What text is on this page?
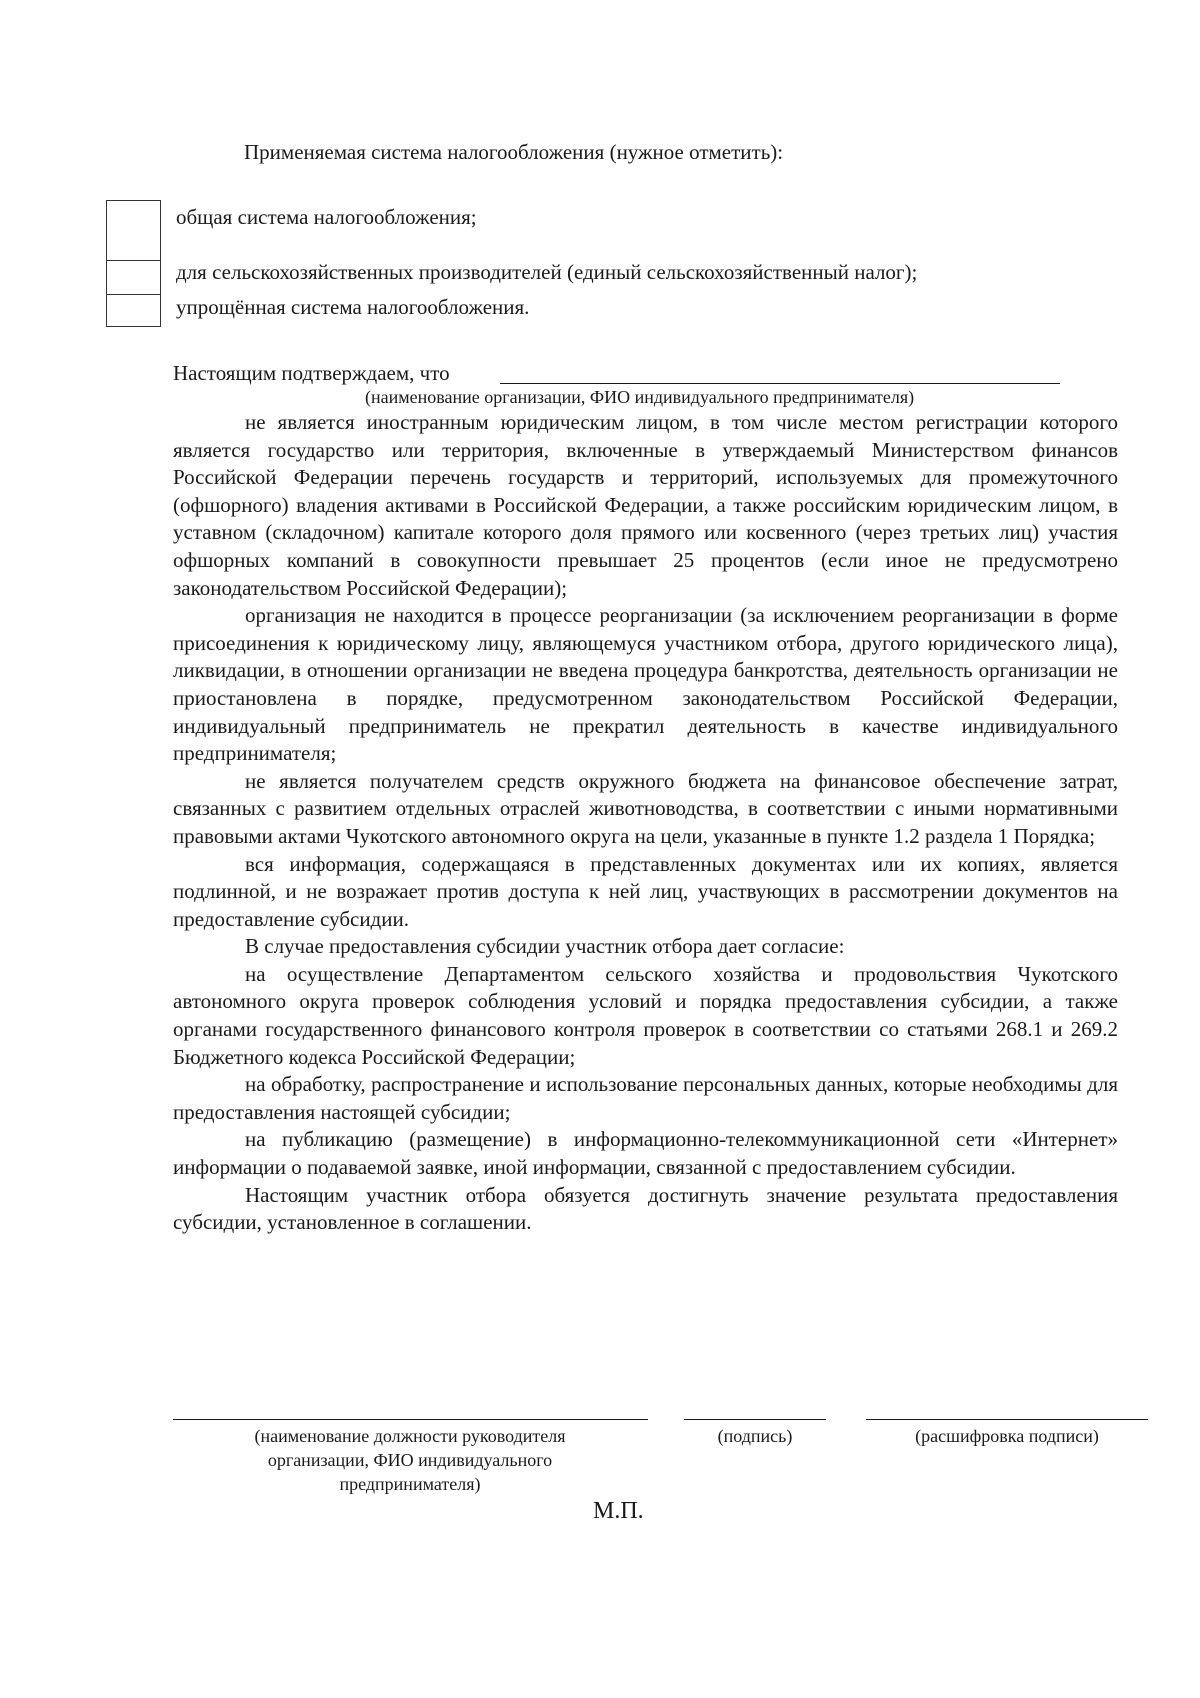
Применяемая система налогообложения (нужное отметить):
общая система налогообложения;
для сельскохозяйственных производителей (единый сельскохозяйственный налог);
упрощённая система налогообложения.
Настоящим подтверждаем, что
(наименование организации, ФИО индивидуального предпринимателя)

не является иностранным юридическим лицом, в том числе местом регистрации которого является государство или территория, включенные в утверждаемый Министерством финансов Российской Федерации перечень государств и территорий, используемых для промежуточного (офшорного) владения активами в Российской Федерации, а также российским юридическим лицом, в уставном (складочном) капитале которого доля прямого или косвенного (через третьих лиц) участия офшорных компаний в совокупности превышает 25 процентов (если иное не предусмотрено законодательством Российской Федерации);

организация не находится в процессе реорганизации (за исключением реорганизации в форме присоединения к юридическому лицу, являющемуся участником отбора, другого юридического лица), ликвидации, в отношении организации не введена процедура банкротства, деятельность организации не приостановлена в порядке, предусмотренном законодательством Российской Федерации, индивидуальный предприниматель не прекратил деятельность в качестве индивидуального предпринимателя;

не является получателем средств окружного бюджета на финансовое обеспечение затрат, связанных с развитием отдельных отраслей животноводства, в соответствии с иными нормативными правовыми актами Чукотского автономного округа на цели, указанные в пункте 1.2 раздела 1 Порядка;

вся информация, содержащаяся в представленных документах или их копиях, является подлинной, и не возражает против доступа к ней лиц, участвующих в рассмотрении документов на предоставление субсидии.

В случае предоставления субсидии участник отбора дает согласие:

на осуществление Департаментом сельского хозяйства и продовольствия Чукотского автономного округа проверок соблюдения условий и порядка предоставления субсидии, а также органами государственного финансового контроля проверок в соответствии со статьями 268.1 и 269.2 Бюджетного кодекса Российской Федерации;

на обработку, распространение и использование персональных данных, которые необходимы для предоставления настоящей субсидии;

на публикацию (размещение) в информационно-телекоммуникационной сети «Интернет» информации о подаваемой заявке, иной информации, связанной с предоставлением субсидии.

Настоящим участник отбора обязуется достигнуть значение результата предоставления субсидии, установленное в соглашении.

(наименование должности руководителя организации, ФИО индивидуального предпринимателя)
(подпись)	(расшифровка подписи)
М.П.
